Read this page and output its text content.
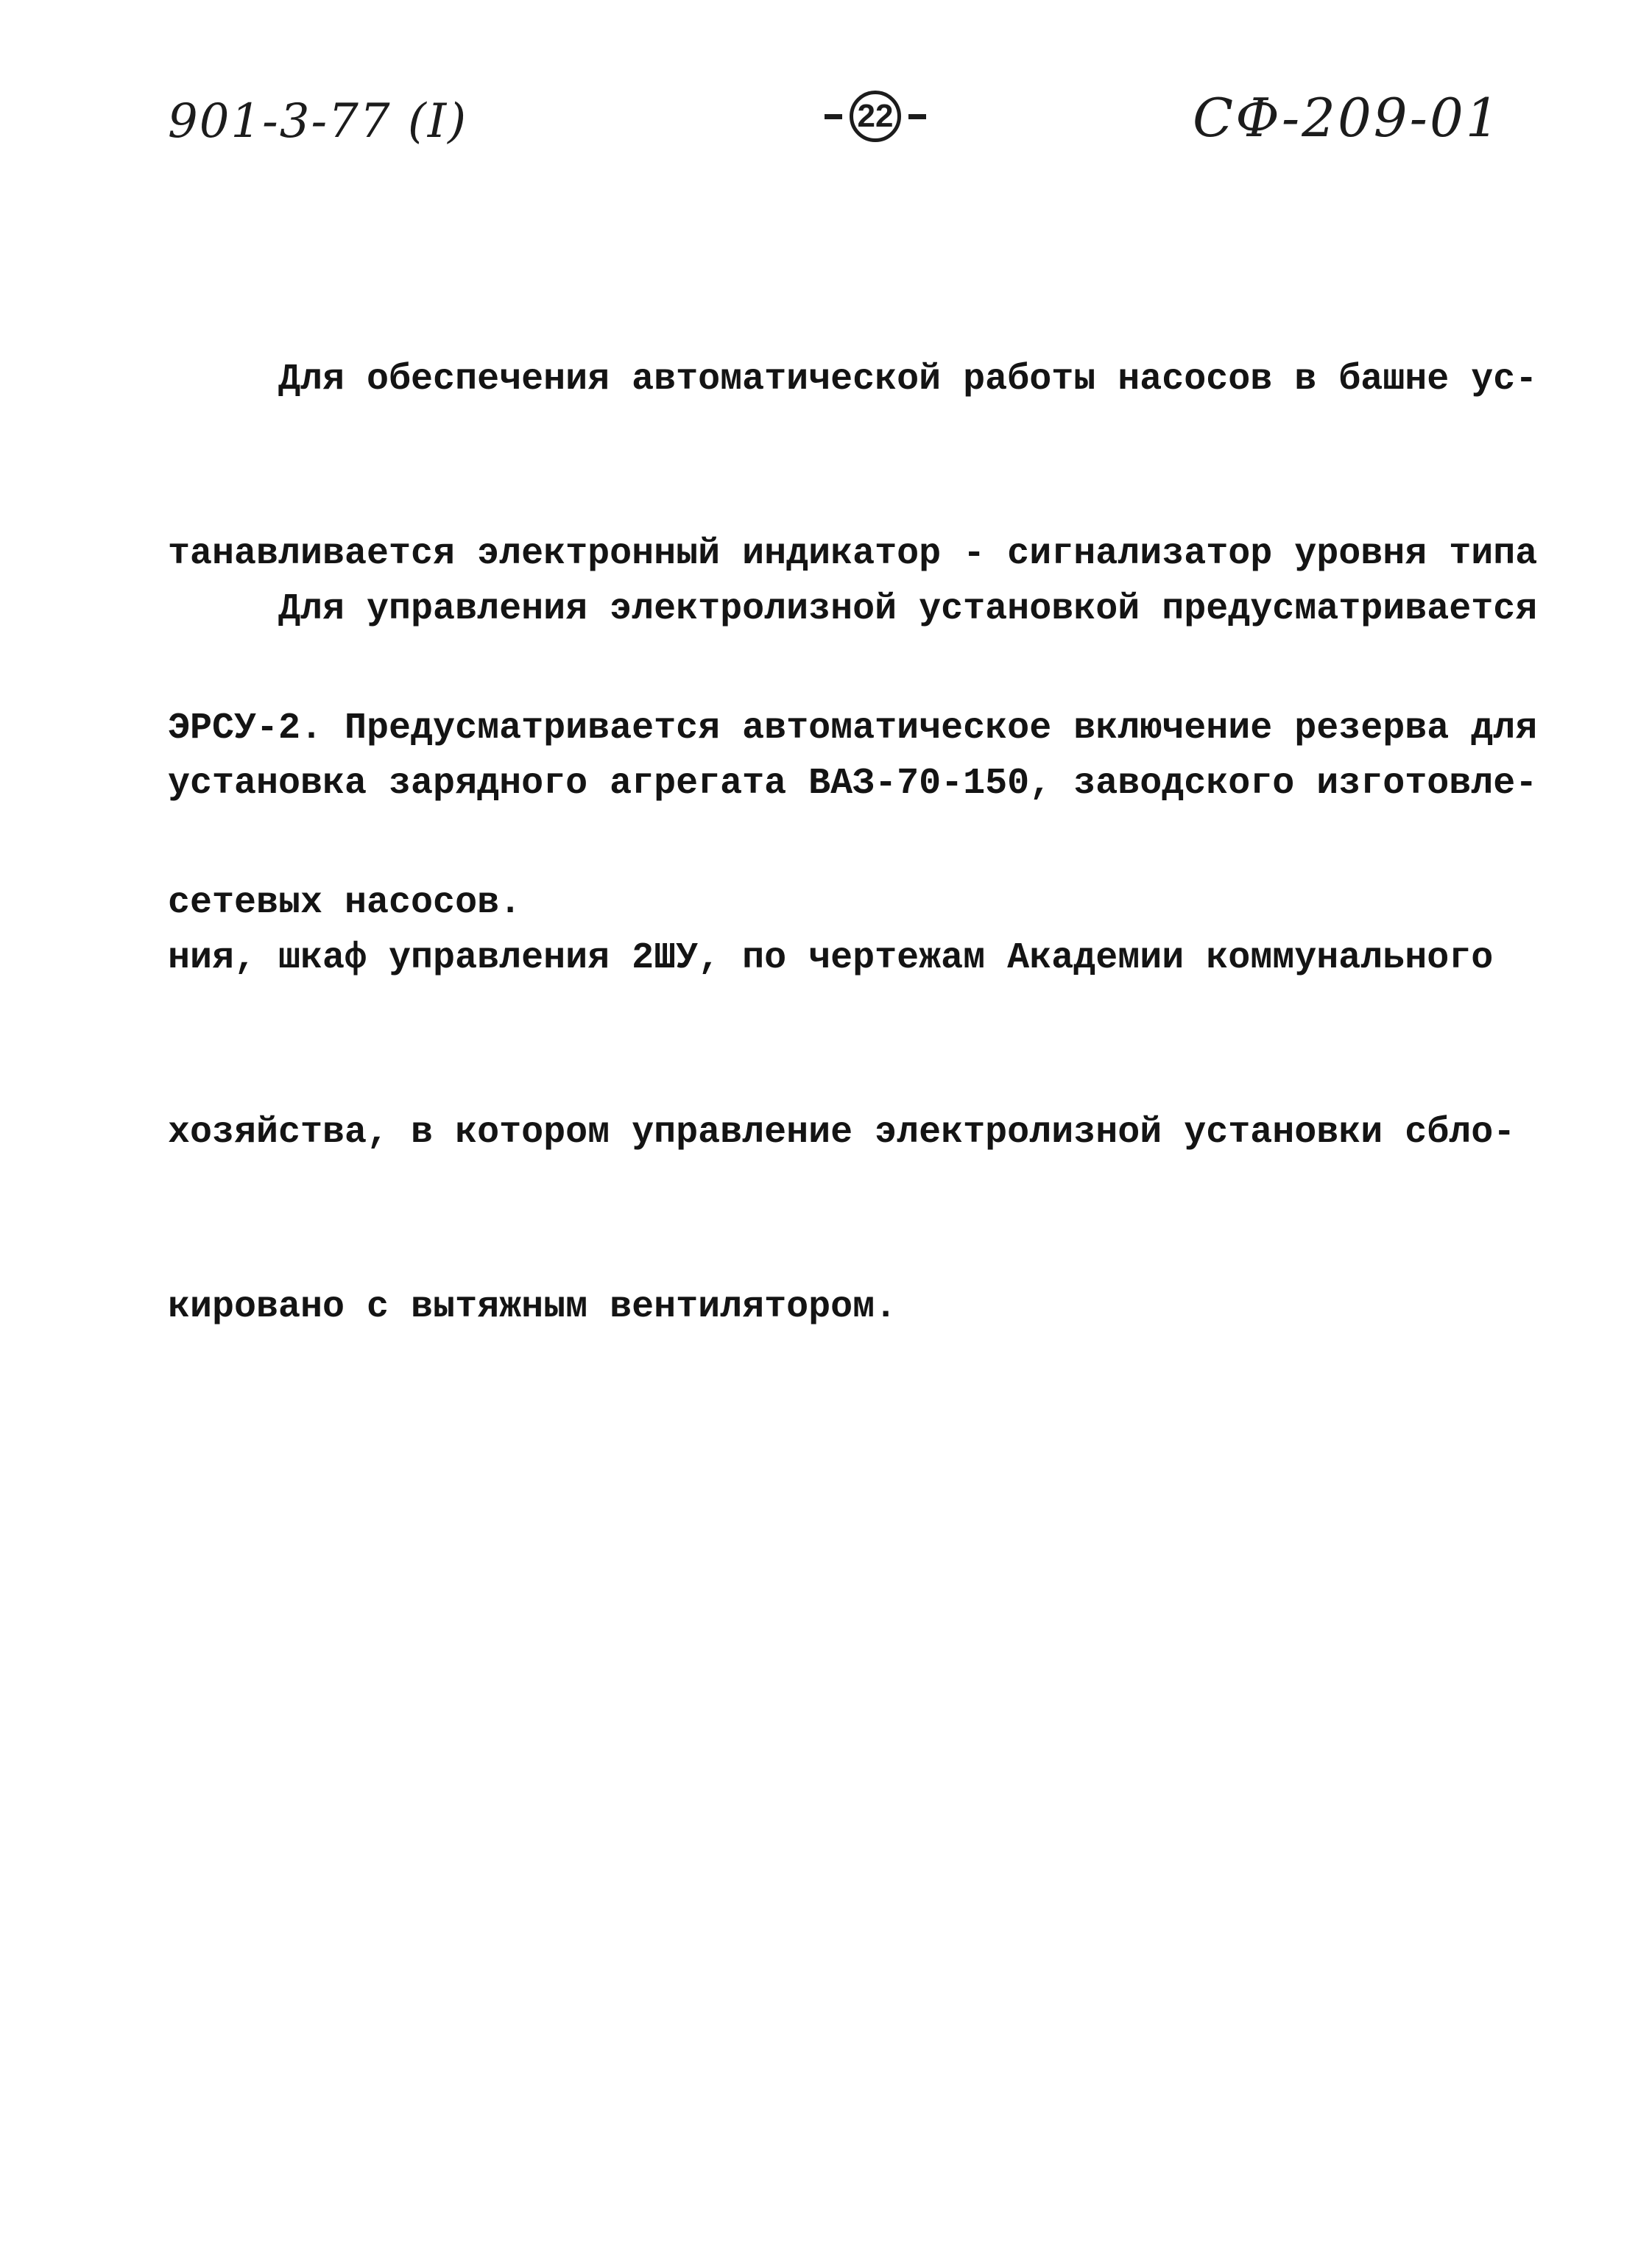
901-3-77 (I)	22	СФ-209-01

Для обеспечения автоматической работы насосов в башне ус-

танавливается электронный индикатор - сигнализатор уровня типа

ЭРСУ-2. Предусматривается автоматическое включение резерва для

сетевых насосов.

Для управления электролизной установкой предусматривается

установка зарядного агрегата ВАЗ-70-150, заводского изготовле-

ния, шкаф управления 2ШУ, по чертежам Академии коммунального

хозяйства, в котором управление электролизной установки сбло-

кировано с вытяжным вентилятором.
